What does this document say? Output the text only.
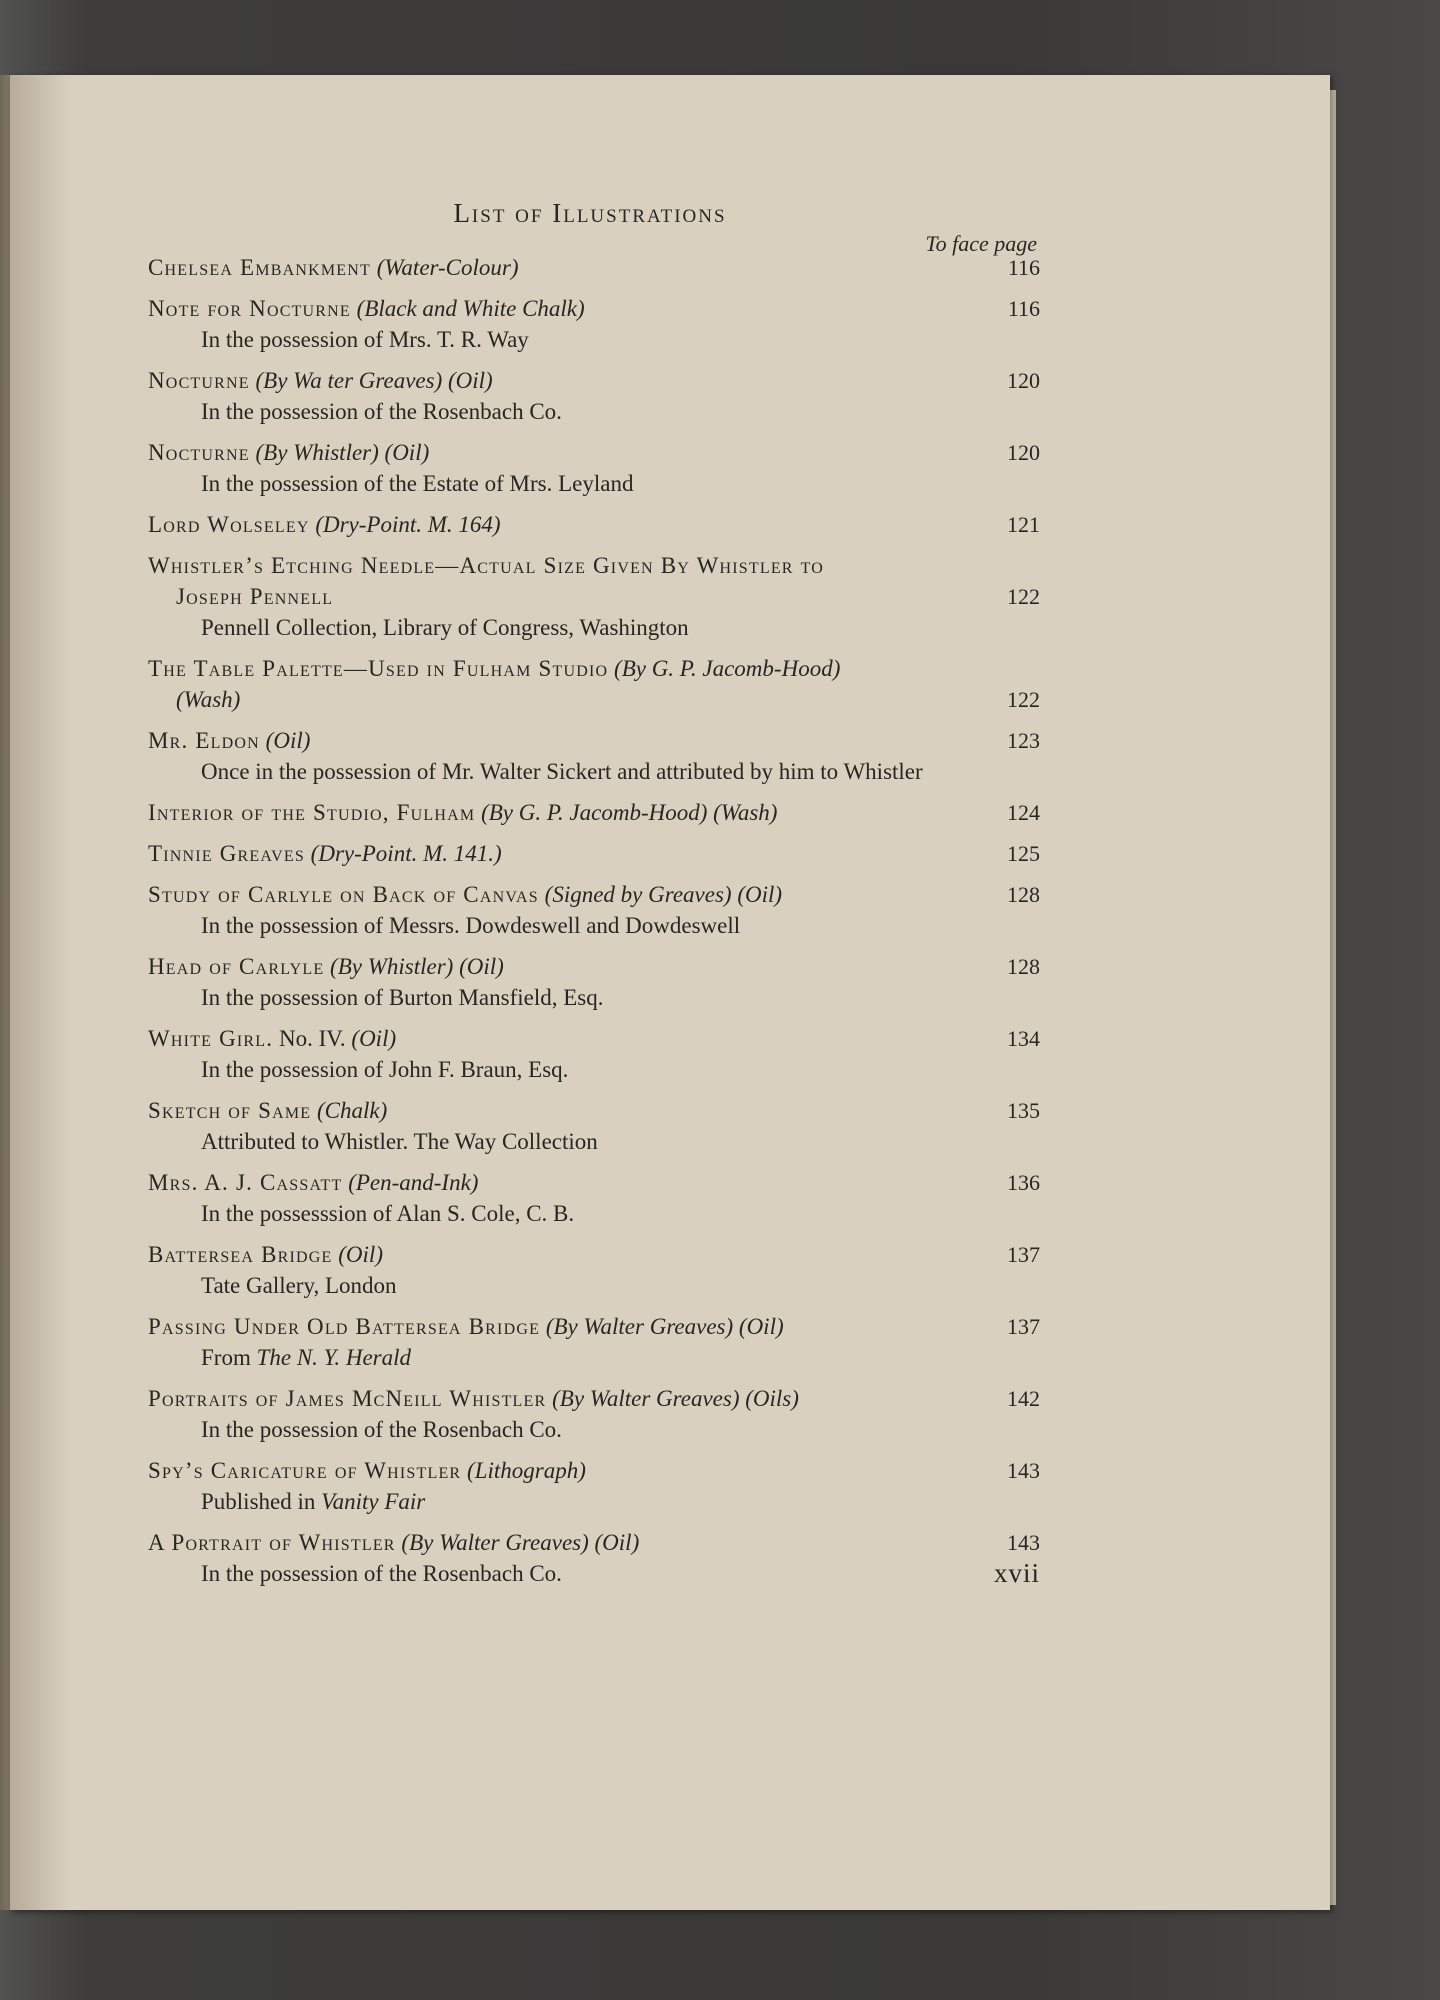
List of Illustrations
To face page
Chelsea Embankment (Water-Colour)	116
Note for Nocturne (Black and White Chalk)	116
In the possession of Mrs. T. R. Way
Nocturne (By Wa ter Greaves) (Oil)	120
In the possession of the Rosenbach Co.
Nocturne (By Whistler) (Oil)	120
In the possession of the Estate of Mrs. Leyland
Lord Wolseley (Dry-Point. M. 164)	121
Whistler’s Etching Needle—Actual Size Given By Whistler to
Joseph Pennell	122
Pennell Collection, Library of Congress, Washington
The Table Palette—Used in Fulham Studio (By G. P. Jacomb-Hood)
(Wash)	122
Mr. Eldon (Oil)	123
Once in the possession of Mr. Walter Sickert and attributed by him to Whistler
Interior of the Studio, Fulham (By G. P. Jacomb-Hood) (Wash)	124
Tinnie Greaves (Dry-Point. M. 141.)	125
Study of Carlyle on Back of Canvas (Signed by Greaves) (Oil)	128
In the possession of Messrs. Dowdeswell and Dowdeswell
Head of Carlyle (By Whistler) (Oil)	128
In the possession of Burton Mansfield, Esq.
White Girl. No. IV. (Oil)	134
In the possession of John F. Braun, Esq.
Sketch of Same (Chalk)	135
Attributed to Whistler. The Way Collection
Mrs. A. J. Cassatt (Pen-and-Ink)	136
In the possesssion of Alan S. Cole, C. B.
Battersea Bridge (Oil)	137
Tate Gallery, London
Passing Under Old Battersea Bridge (By Walter Greaves) (Oil)	137
From The N. Y. Herald
Portraits of James McNeill Whistler (By Walter Greaves) (Oils)	142
In the possession of the Rosenbach Co.
Spy’s Caricature of Whistler (Lithograph)	143
Published in Vanity Fair
A Portrait of Whistler (By Walter Greaves) (Oil)	143
In the possession of the Rosenbach Co.	xvii
